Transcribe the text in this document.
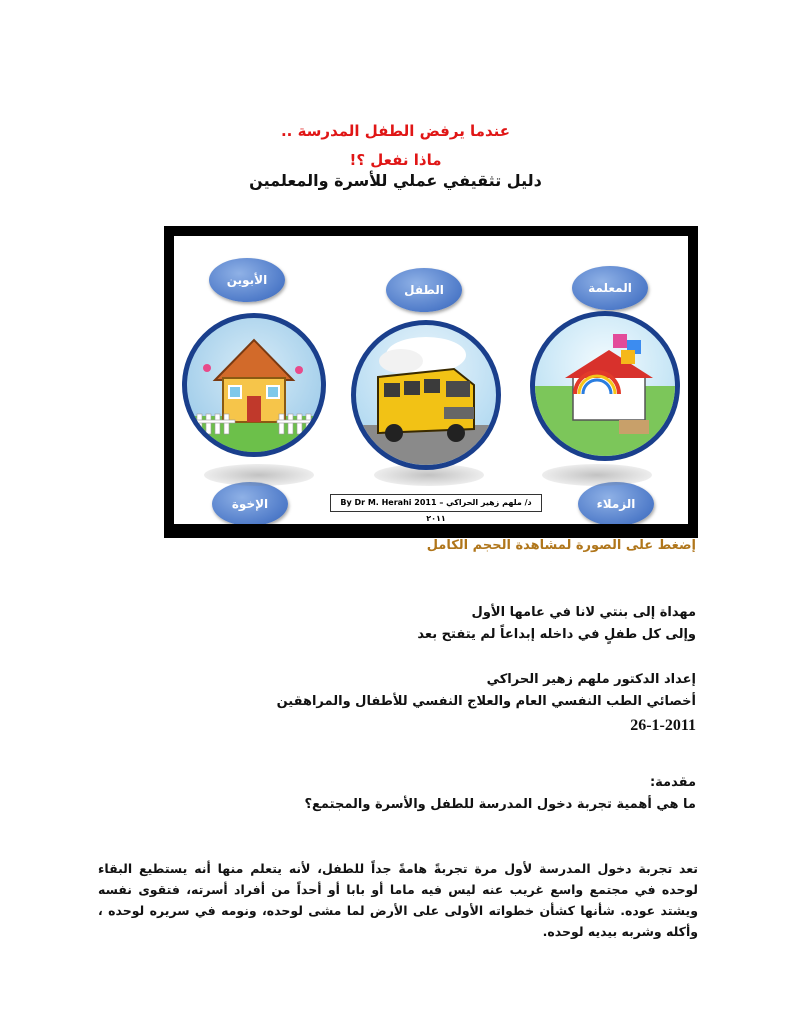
عندما يرفض الطفل المدرسة ..
ماذا نفعل ؟!
دليل تثقيفي عملي للأسرة والمعلمين
الأبوين
الطفل	المعلمة
الإخوة	الزملاء
By Dr M. Herahi 2011 د/ ملهم زهير الحراكي – ٢٠١١
إضغط على الصورة لمشاهدة الحجم الكامل
مهداة إلى بنتي لانا في عامها الأول
وإلى كل طفلٍ في داخله إبداعاً لم يتفتح بعد
إعداد الدكتور ملهم زهير الحراكي
أخصائي الطب النفسي العام والعلاج النفسي للأطفال والمراهقين
26-1-2011
مقدمة:
ما هي أهمية تجربة دخول المدرسة للطفل والأسرة والمجتمع؟
تعد تجربة دخول المدرسة لأول مرة تجربةً هامةً جداً للطفل، لأنه يتعلم منها أنه يستطيع البقاء لوحده في مجتمع واسع غريب عنه ليس فيه ماما أو بابا أو أحداً من أفراد أسرته، فتقوى نفسه ويشتد عوده. شأنها كشأن خطواته الأولى على الأرض لما مشى لوحده، ونومه في سريره لوحده ، وأكله وشربه بيديه لوحده.
